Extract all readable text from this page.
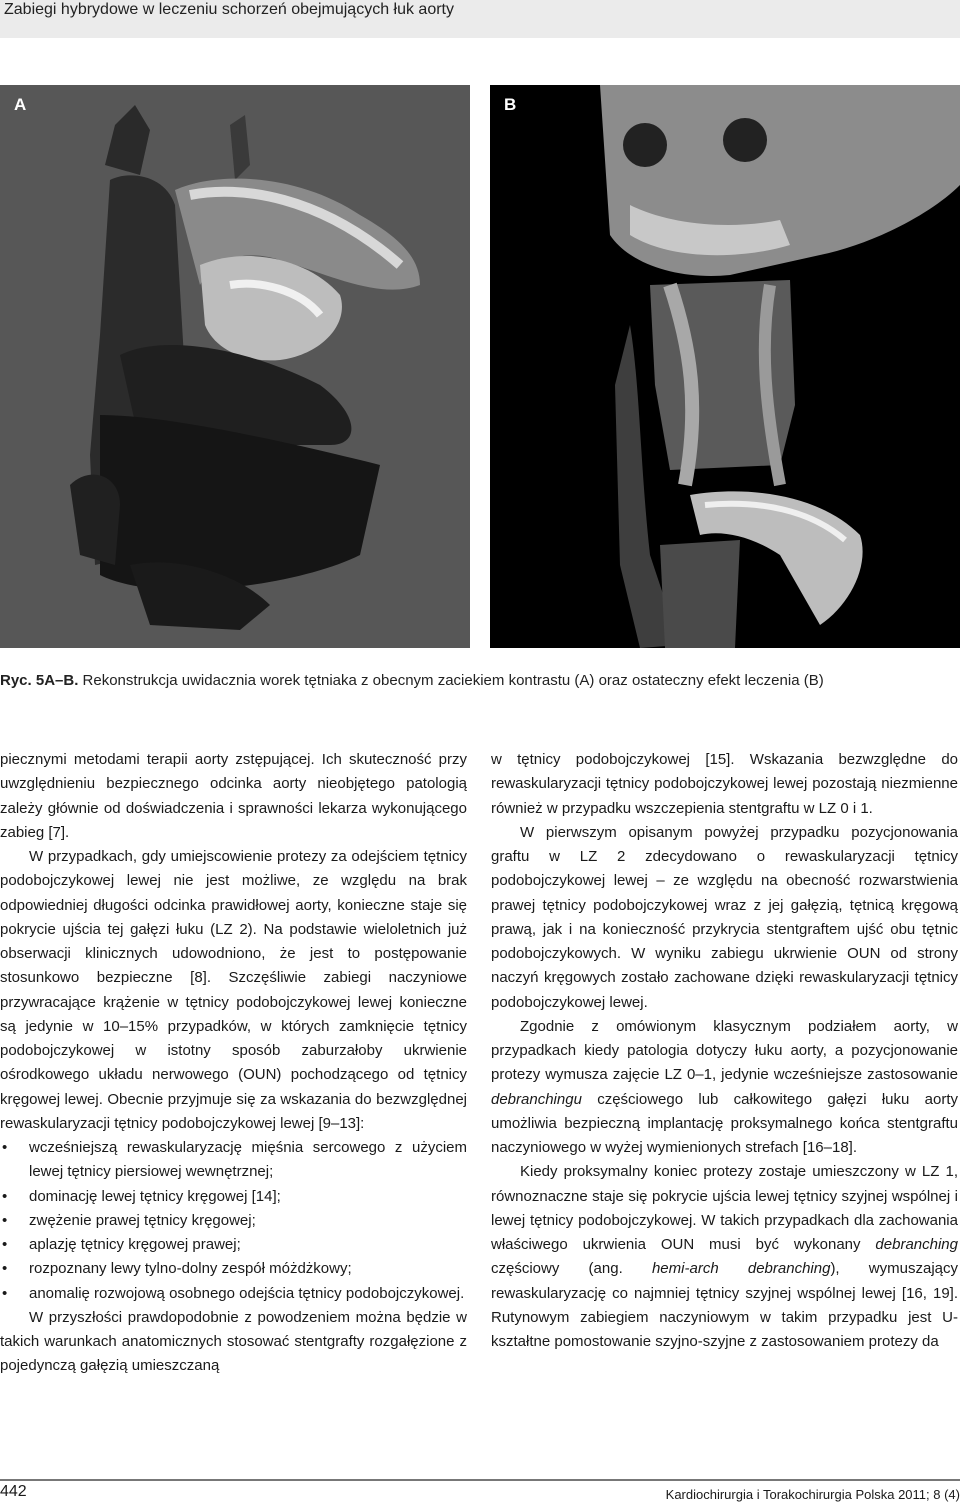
Zabiegi hybrydowe w leczeniu schorzeń obejmujących łuk aorty
A	B
Ryc. 5A–B. Rekonstrukcja uwidacznia worek tętniaka z obecnym zaciekiem kontrastu (A) oraz ostateczny efekt leczenia (B)

piecznymi metodami terapii aorty zstępującej. Ich skuteczność przy uwzględnieniu bezpiecznego odcinka aorty nieobjętego patologią zależy głównie od doświadczenia i sprawności lekarza wykonującego zabieg [7].

W przypadkach, gdy umiejscowienie protezy za odejściem tętnicy podobojczykowej lewej nie jest możliwe, ze względu na brak odpowiedniej długości odcinka prawidłowej aorty, konieczne staje się pokrycie ujścia tej gałęzi łuku (LZ 2). Na podstawie wieloletnich już obserwacji klinicznych udowodniono, że jest to postępowanie stosunkowo bezpieczne [8]. Szczęśliwie zabiegi naczyniowe przywracające krążenie w tętnicy podobojczykowej lewej konieczne są jedynie w 10–15% przypadków, w których zamknięcie tętnicy podobojczykowej w istotny sposób zaburzałoby ukrwienie ośrodkowego układu nerwowego (OUN) pochodzącego od tętnicy kręgowej lewej. Obecnie przyjmuje się za wskazania do bezwzględnej rewaskularyzacji tętnicy podobojczykowej lewej [9–13]:

• wcześniejszą rewaskularyzację mięśnia sercowego z użyciem lewej tętnicy piersiowej wewnętrznej;
• dominację lewej tętnicy kręgowej [14];
• zwężenie prawej tętnicy kręgowej;
• aplazję tętnicy kręgowej prawej;
• rozpoznany lewy tylno-dolny zespół móżdżkowy;
• anomalię rozwojową osobnego odejścia tętnicy podobojczykowej.

W przyszłości prawdopodobnie z powodzeniem można będzie w takich warunkach anatomicznych stosować stentgrafty rozgałęzione z pojedynczą gałęzią umieszczaną

w tętnicy podobojczykowej [15]. Wskazania bezwzględne do rewaskularyzacji tętnicy podobojczykowej lewej pozostają niezmienne również w przypadku wszczepienia stentgraftu w LZ 0 i 1.

W pierwszym opisanym powyżej przypadku pozycjonowania graftu w LZ 2 zdecydowano o rewaskularyzacji tętnicy podobojczykowej lewej – ze względu na obecność rozwarstwienia prawej tętnicy podobojczykowej wraz z jej gałęzią, tętnicą kręgową prawą, jak i na konieczność przykrycia stentgraftem ujść obu tętnic podobojczykowych. W wyniku zabiegu ukrwienie OUN od strony naczyń kręgowych zostało zachowane dzięki rewaskularyzacji tętnicy podobojczykowej lewej.

Zgodnie z omówionym klasycznym podziałem aorty, w przypadkach kiedy patologia dotyczy łuku aorty, a pozycjonowanie protezy wymusza zajęcie LZ 0–1, jedynie wcześniejsze zastosowanie debranchingu częściowego lub całkowitego gałęzi łuku aorty umożliwia bezpieczną implantację proksymalnego końca stentgraftu naczyniowego w wyżej wymienionych strefach [16–18].

Kiedy proksymalny koniec protezy zostaje umieszczony w LZ 1, równoznaczne staje się pokrycie ujścia lewej tętnicy szyjnej wspólnej i lewej tętnicy podobojczykowej. W takich przypadkach dla zachowania właściwego ukrwienia OUN musi być wykonany debranching częściowy (ang. hemi-arch debranching), wymuszający rewaskularyzację co najmniej tętnicy szyjnej wspólnej lewej [16, 19]. Rutynowym zabiegiem naczyniowym w takim przypadku jest U-kształtne pomostowanie szyjno-szyjne z zastosowaniem protezy da

442	Kardiochirurgia i Torakochirurgia Polska 2011; 8 (4)
